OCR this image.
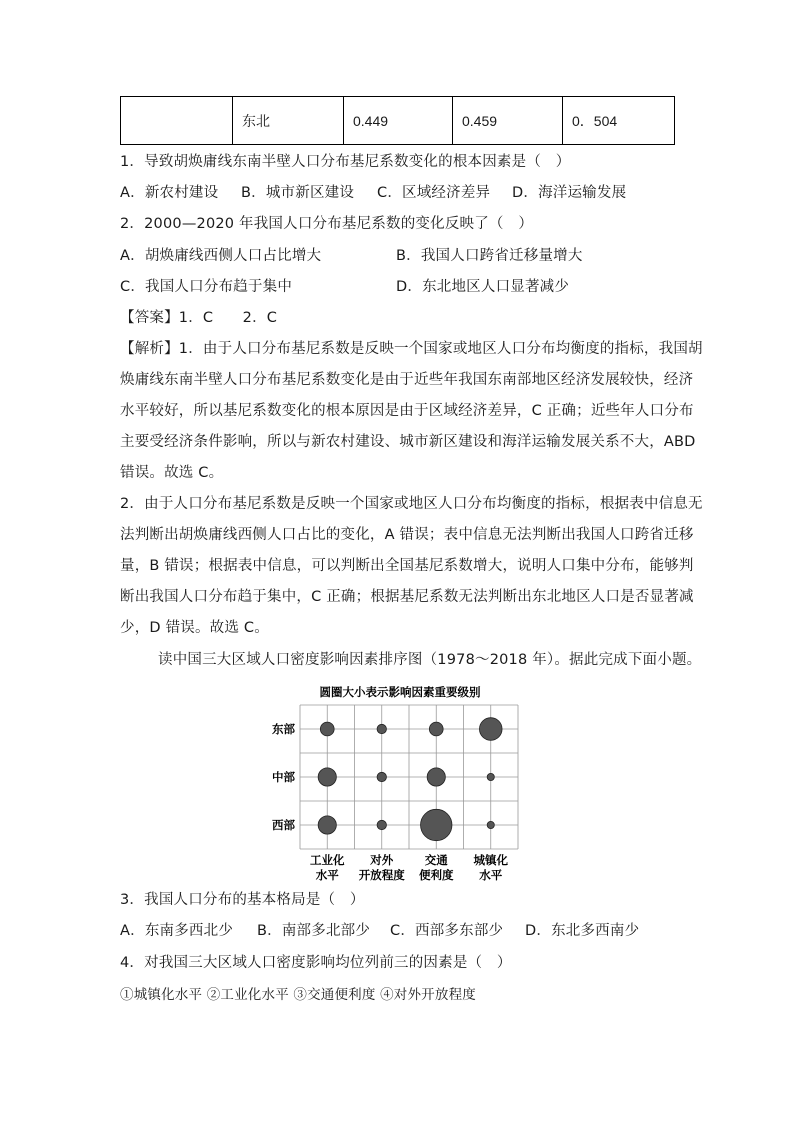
	东北	0.449	0.459	0．504
1．导致胡焕庸线东南半壁人口分布基尼系数变化的根本因素是（　）
A．新农村建设 B．城市新区建设 C．区域经济差异 D．海洋运输发展
2．2000—2020 年我国人口分布基尼系数的变化反映了（　）
A．胡焕庸线西侧人口占比增大	B．我国人口跨省迁移量增大
C．我国人口分布趋于集中	D．东北地区人口显著减少
【答案】1．C　　2．C
【解析】1．由于人口分布基尼系数是反映一个国家或地区人口分布均衡度的指标，我国胡
焕庸线东南半壁人口分布基尼系数变化是由于近些年我国东南部地区经济发展较快，经济
水平较好，所以基尼系数变化的根本原因是由于区域经济差异，C 正确；近些年人口分布
主要受经济条件影响，所以与新农村建设、城市新区建设和海洋运输发展关系不大，ABD
错误。故选 C。
2．由于人口分布基尼系数是反映一个国家或地区人口分布均衡度的指标，根据表中信息无
法判断出胡焕庸线西侧人口占比的变化，A 错误；表中信息无法判断出我国人口跨省迁移
量，B 错误；根据表中信息，可以判断出全国基尼系数增大，说明人口集中分布，能够判
断出我国人口分布趋于集中，C 正确；根据基尼系数无法判断出东北地区人口是否显著减
少，D 错误。故选 C。
读中国三大区域人口密度影响因素排序图（1978～2018 年）。据此完成下面小题。
圆圈大小表示影响因素重要级别
东部
中部
西部
工业化
水平
对外
开放程度
交通
便利度
城镇化
水平
3．我国人口分布的基本格局是（　）
A．东南多西北少 B．南部多北部少 C．西部多东部少 D．东北多西南少
4．对我国三大区域人口密度影响均位列前三的因素是（　）
①城镇化水平 ②工业化水平 ③交通便利度 ④对外开放程度
